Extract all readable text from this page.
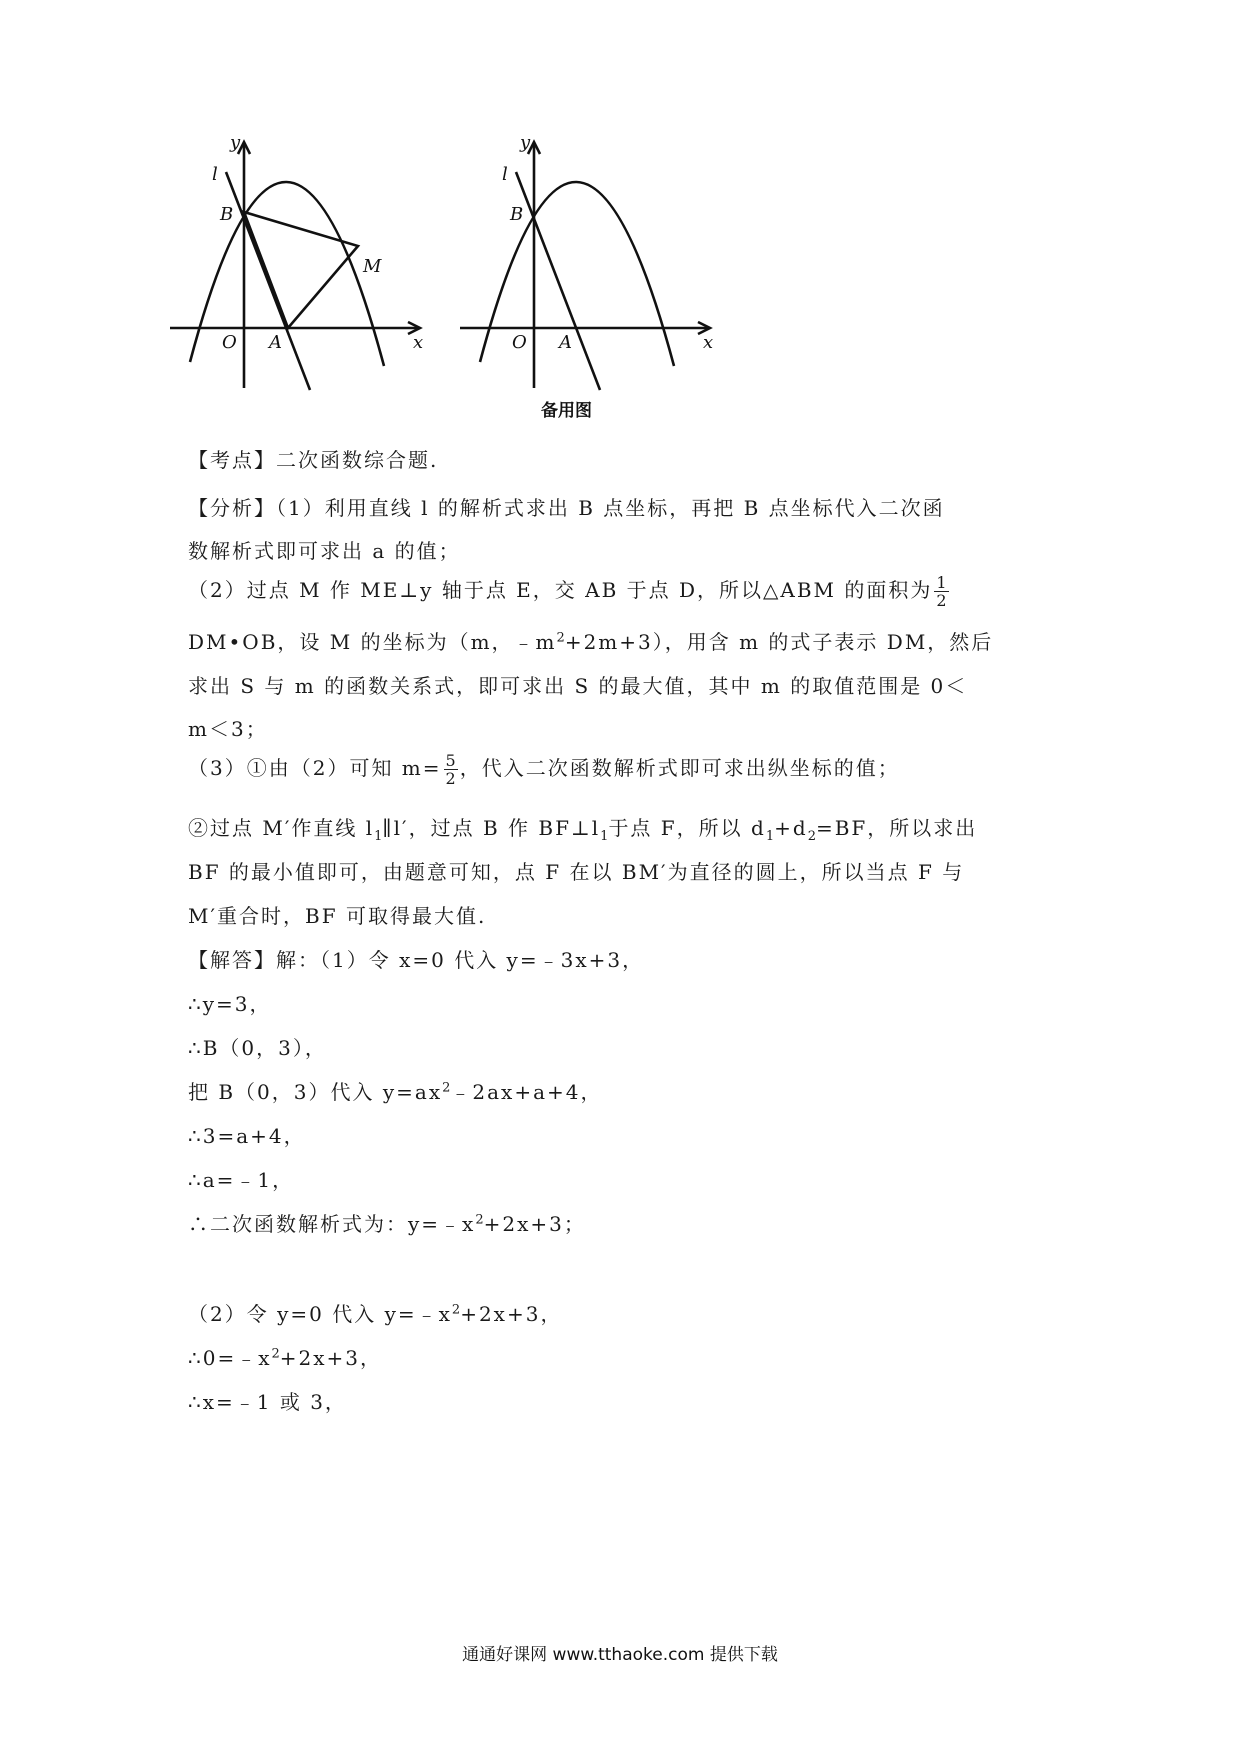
y
x
l
B
M
O A
y
x
l
B
O A
备用图
【考点】二次函数综合题.
【分析】（1）利用直线 l 的解析式求出 B 点坐标，再把 B 点坐标代入二次函
数解析式即可求出 a 的值；
（2）过点 M 作 ME⊥y 轴于点 E，交 AB 于点 D，所以△ABM 的面积为 $\frac{1}{2}$
DM•OB，设 M 的坐标为（m，$﹣m^2+2m+3$），用含 m 的式子表示 DM，然后
求出 S 与 m 的函数关系式，即可求出 S 的最大值，其中 m 的取值范围是 0＜
m＜3；
（3）①由（2）可知 $m= \frac{5}{2}$ ，代入二次函数解析式即可求出纵坐标的值；
②过点 M′作直线 $l_1\parallel l'$，过点 B 作 $BF\perp l_1$于点 F，所以 $d_1+d_2=BF$，所以求出
BF 的最小值即可，由题意可知，点 F 在以 BM′为直径的圆上，所以当点 F 与
M′重合时，BF 可取得最大值.
【解答】解：（1）令 x=0 代入 y=﹣3x+3，
∴y=3，
∴B（0，3），
把 B（0，3）代入 $y=ax^2﹣2ax+a+4$，
∴3=a+4，
∴a=﹣1，
∴二次函数解析式为：$y=﹣x^2+2x+3$；
（2）令 y=0 代入 $y=﹣x^2+2x+3$，
$\therefore 0=﹣x^2+2x+3$，
∴x=﹣1 或 3，
通通好课网 www.tthaoke.com 提供下载
